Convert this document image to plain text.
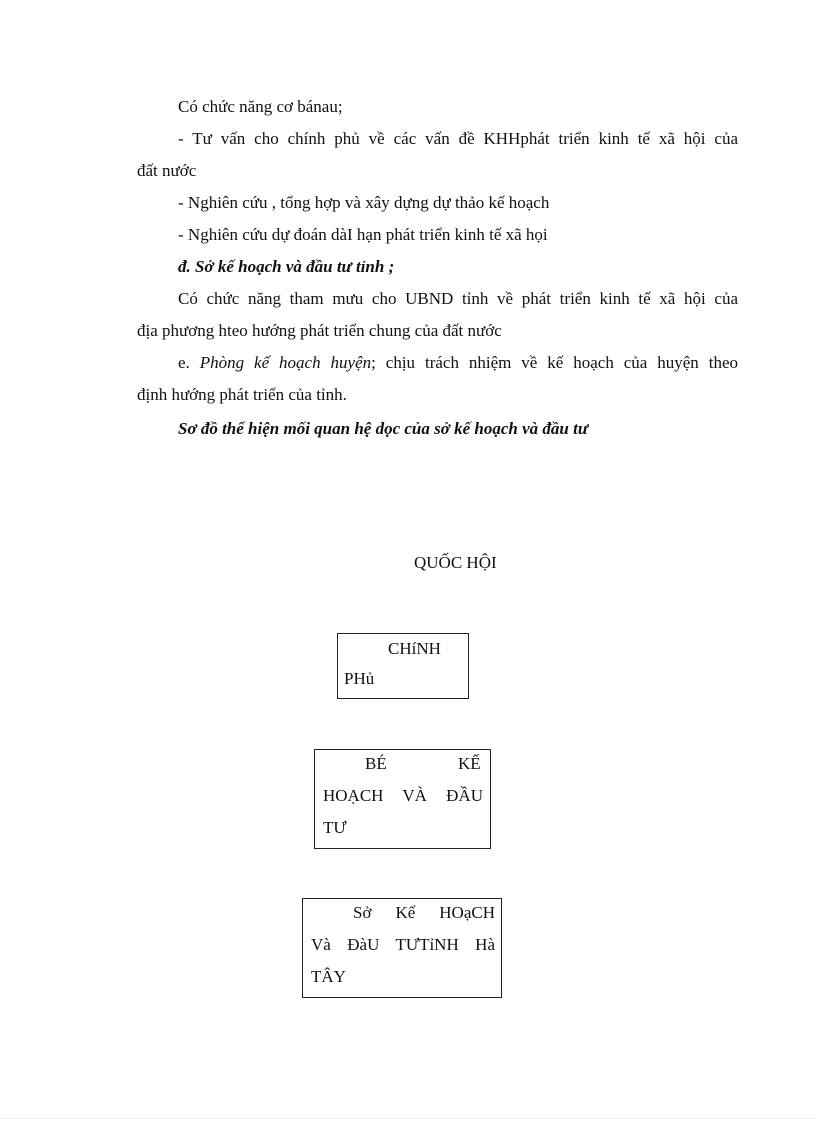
Có chức năng cơ bánau;
- Tư vấn cho chính phủ về các vấn đề KHHphát triển kinh tế xã hội của
đất nước
- Nghiên cứu , tổng hợp và xây dựng dự thảo kế hoạch
- Nghiên cứu dự đoán dàI hạn phát triển kinh tế xã họi
đ. Sở kế hoạch và đầu tư tỉnh ;
Có chức năng tham mưu cho UBND tỉnh về phát triển kinh tế xã hội của
địa phương hteo hướng phát triển chung của đất nước
e. Phòng kế hoạch huyện; chịu trách nhiệm về kế hoạch của huyện theo
định hướng phát triển của tỉnh.
Sơ đồ thể hiện mối quan hệ dọc của sở kế hoạch và đầu tư
QUỐC HỘI
CHíNH
PHủ
BÉ	KẾ
HOẠCH VÀ ĐẦU
TƯ
Sở Kế HOạCH
Và ĐàU TƯTỉNH Hà
TÂY
